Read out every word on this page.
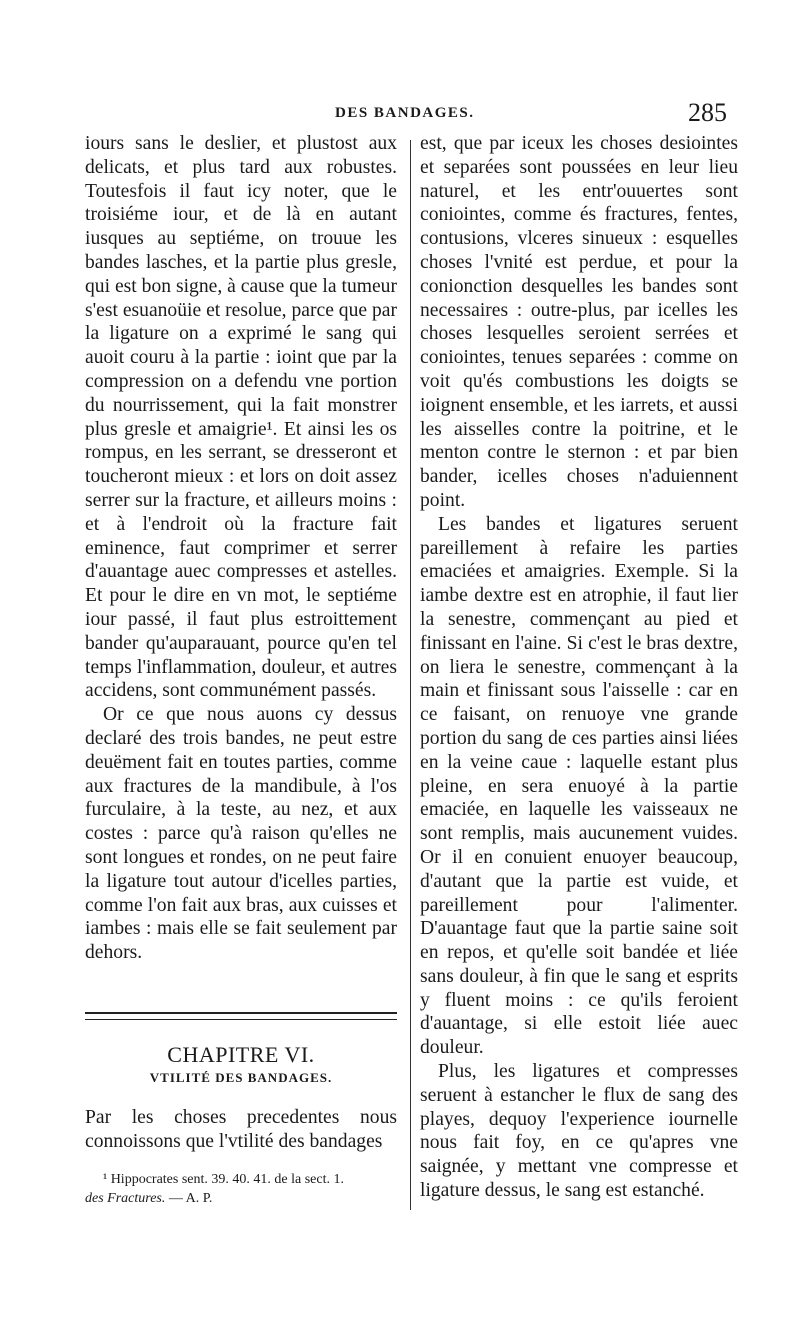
DES BANDAGES.	285

iours sans le deslier, et plustost aux delicats, et plus tard aux robustes. Toutesfois il faut icy noter, que le troisiéme iour, et de là en autant iusques au septiéme, on trouue les bandes lasches, et la partie plus gresle, qui est bon signe, à cause que la tumeur s'est esuanoüie et resolue, parce que par la ligature on a exprimé le sang qui auoit couru à la partie : ioint que par la compression on a defendu vne portion du nourrissement, qui la fait monstrer plus gresle et amaigrie¹. Et ainsi les os rompus, en les serrant, se dresseront et toucheront mieux : et lors on doit assez serrer sur la fracture, et ailleurs moins : et à l'endroit où la fracture fait eminence, faut comprimer et serrer d'auantage auec compresses et astelles. Et pour le dire en vn mot, le septiéme iour passé, il faut plus estroittement bander qu'auparauant, pource qu'en tel temps l'inflammation, douleur, et autres accidens, sont communément passés.

Or ce que nous auons cy dessus declaré des trois bandes, ne peut estre deuëment fait en toutes parties, comme aux fractures de la mandibule, à l'os furculaire, à la teste, au nez, et aux costes : parce qu'à raison qu'elles ne sont longues et rondes, on ne peut faire la ligature tout autour d'icelles parties, comme l'on fait aux bras, aux cuisses et iambes : mais elle se fait seulement par dehors.

CHAPITRE VI.
VTILITÉ DES BANDAGES.
Par les choses precedentes nous connoissons que l'vtilité des bandages
¹ Hippocrates sent. 39. 40. 41. de la sect. 1.
des Fractures. — A. P.

est, que par iceux les choses desiointes et separées sont poussées en leur lieu naturel, et les entr'ouuertes sont coniointes, comme és fractures, fentes, contusions, vlceres sinueux : esquelles choses l'vnité est perdue, et pour la conionction desquelles les bandes sont necessaires : outre-plus, par icelles les choses lesquelles seroient serrées et coniointes, tenues separées : comme on voit qu'és combustions les doigts se ioignent ensemble, et les iarrets, et aussi les aisselles contre la poitrine, et le menton contre le sternon : et par bien bander, icelles choses n'aduiennent point.

Les bandes et ligatures seruent pareillement à refaire les parties emaciées et amaigries. Exemple. Si la iambe dextre est en atrophie, il faut lier la senestre, commençant au pied et finissant en l'aine. Si c'est le bras dextre, on liera le senestre, commençant à la main et finissant sous l'aisselle : car en ce faisant, on renuoye vne grande portion du sang de ces parties ainsi liées en la veine caue : laquelle estant plus pleine, en sera enuoyé à la partie emaciée, en laquelle les vaisseaux ne sont remplis, mais aucunement vuides. Or il en conuient enuoyer beaucoup, d'autant que la partie est vuide, et pareillement pour l'alimenter. D'auantage faut que la partie saine soit en repos, et qu'elle soit bandée et liée sans douleur, à fin que le sang et esprits y fluent moins : ce qu'ils feroient d'auantage, si elle estoit liée auec douleur.

Plus, les ligatures et compresses seruent à estancher le flux de sang des playes, dequoy l'experience iournelle nous fait foy, en ce qu'apres vne saignée, y mettant vne compresse et ligature dessus, le sang est estanché.
